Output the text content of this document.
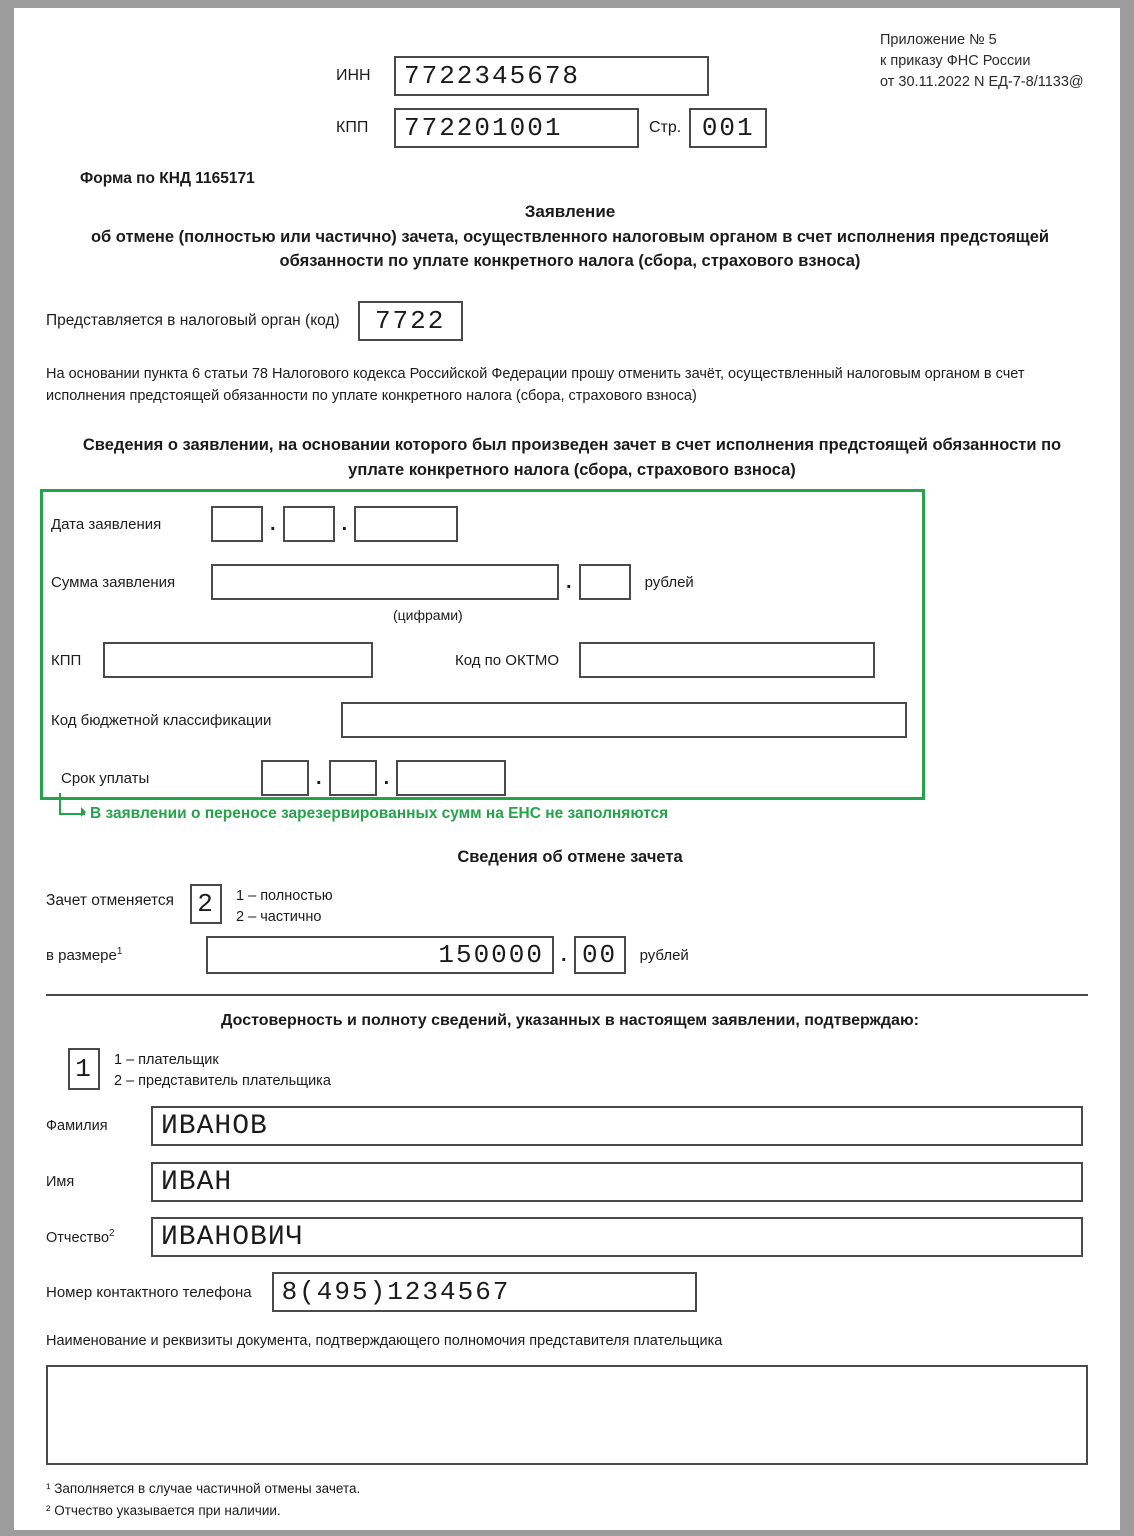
Приложение № 5
к приказу ФНС России
от 30.11.2022 N ЕД-7-8/1133@
ИНН	7722345678
КПП	772201001	Стр. 001
Форма по КНД 1165171
Заявление
об отмене (полностью или частично) зачета, осуществленного налоговым органом в счет исполнения предстоящей обязанности по уплате конкретного налога (сбора, страхового взноса)
Представляется в налоговый орган (код)	7722
На основании пункта 6 статьи 78 Налогового кодекса Российской Федерации прошу отменить зачёт, осуществленный налоговым органом в счет исполнения предстоящей обязанности по уплате конкретного налога (сбора, страхового взноса)
Сведения о заявлении, на основании которого был произведен зачет в счет исполнения предстоящей обязанности по уплате конкретного налога (сбора, страхового взноса)
Дата заявления	.	.
Сумма заявления	.	рублей
(цифрами)
КПП	Код по ОКТМО
Код бюджетной классификации
Срок уплаты	.	.
В заявлении о переносе зарезервированных сумм на ЕНС не заполняются
Сведения об отмене зачета
Зачет отменяется 2	1 – полностью
2 – частично
в размере$^1$	150000 . 00	рублей
Достоверность и полноту сведений, указанных в настоящем заявлении, подтверждаю:
1	1 – плательщик
2 – представитель плательщика
Фамилия	ИВАНОВ
Имя	ИВАН
Отчество$^2$	ИВАНОВИЧ
Номер контактного телефона	8(495)1234567
Наименование и реквизиты документа, подтверждающего полномочия представителя плательщика
¹ Заполняется в случае частичной отмены зачета.
² Отчество указывается при наличии.
